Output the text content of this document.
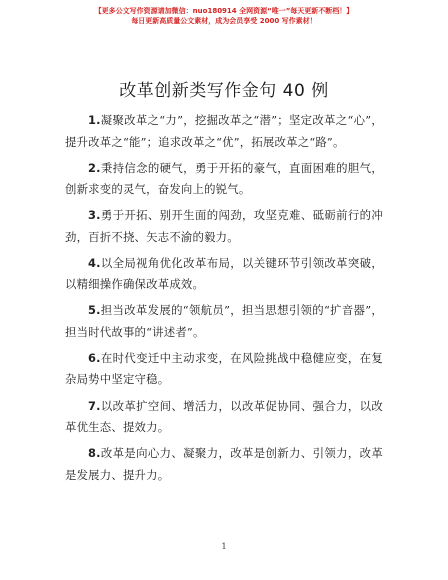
【更多公文写作资源请加微信：nuo180914 全网资源“唯一”每天更新不断档！】
每日更新高质量公文素材，成为会员享受 2000 写作素材！
改革创新类写作金句 40 例

1.凝聚改革之“力”，挖掘改革之“潜”；坚定改革之“心”，提升改革之“能”；追求改革之“优”，拓展改革之“路”。

2.秉持信念的硬气，勇于开拓的豪气，直面困难的胆气，创新求变的灵气，奋发向上的锐气。

3.勇于开拓、别开生面的闯劲，攻坚克难、砥砺前行的冲劲，百折不挠、矢志不渝的毅力。

4.以全局视角优化改革布局，以关键环节引领改革突破，以精细操作确保改革成效。

5.担当改革发展的“领航员”，担当思想引领的“扩音器”，担当时代故事的“讲述者”。

6.在时代变迁中主动求变，在风险挑战中稳健应变，在复杂局势中坚定守稳。

7.以改革扩空间、增活力，以改革促协同、强合力，以改革优生态、提效力。

8.改革是向心力、凝聚力，改革是创新力、引领力，改革是发展力、提升力。

1
